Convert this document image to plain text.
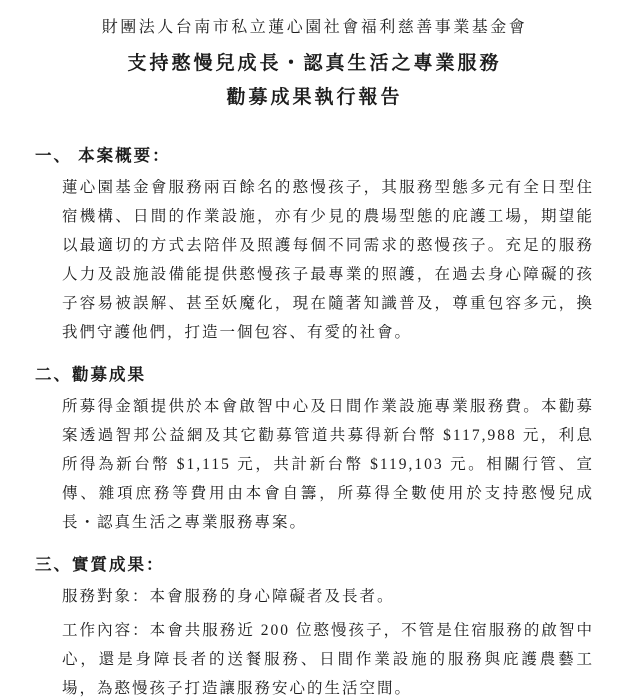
財團法人台南市私立蓮心園社會福利慈善事業基金會
支持憨慢兒成長・認真生活之專業服務
勸募成果執行報告
一、 本案概要：

蓮心園基金會服務兩百餘名的憨慢孩子，其服務型態多元有全日型住宿機構、日間的作業設施，亦有少見的農場型態的庇護工場，期望能以最適切的方式去陪伴及照護每個不同需求的憨慢孩子。充足的服務人力及設施設備能提供憨慢孩子最專業的照護，在過去身心障礙的孩子容易被誤解、甚至妖魔化，現在隨著知識普及，尊重包容多元，換我們守護他們，打造一個包容、有愛的社會。

二、勸募成果

所募得金額提供於本會啟智中心及日間作業設施專業服務費。本勸募案透過智邦公益網及其它勸募管道共募得新台幣 $117,988 元，利息所得為新台幣 $1,115 元，共計新台幣 $119,103 元。相關行管、宣傳、雜項庶務等費用由本會自籌，所募得全數使用於支持憨慢兒成長・認真生活之專業服務專案。

三、實質成果：

服務對象：本會服務的身心障礙者及長者。

工作內容：本會共服務近 200 位憨慢孩子，不管是住宿服務的啟智中心，還是身障長者的送餐服務、日間作業設施的服務與庇護農藝工場，為憨慢孩子打造讓服務安心的生活空間。
